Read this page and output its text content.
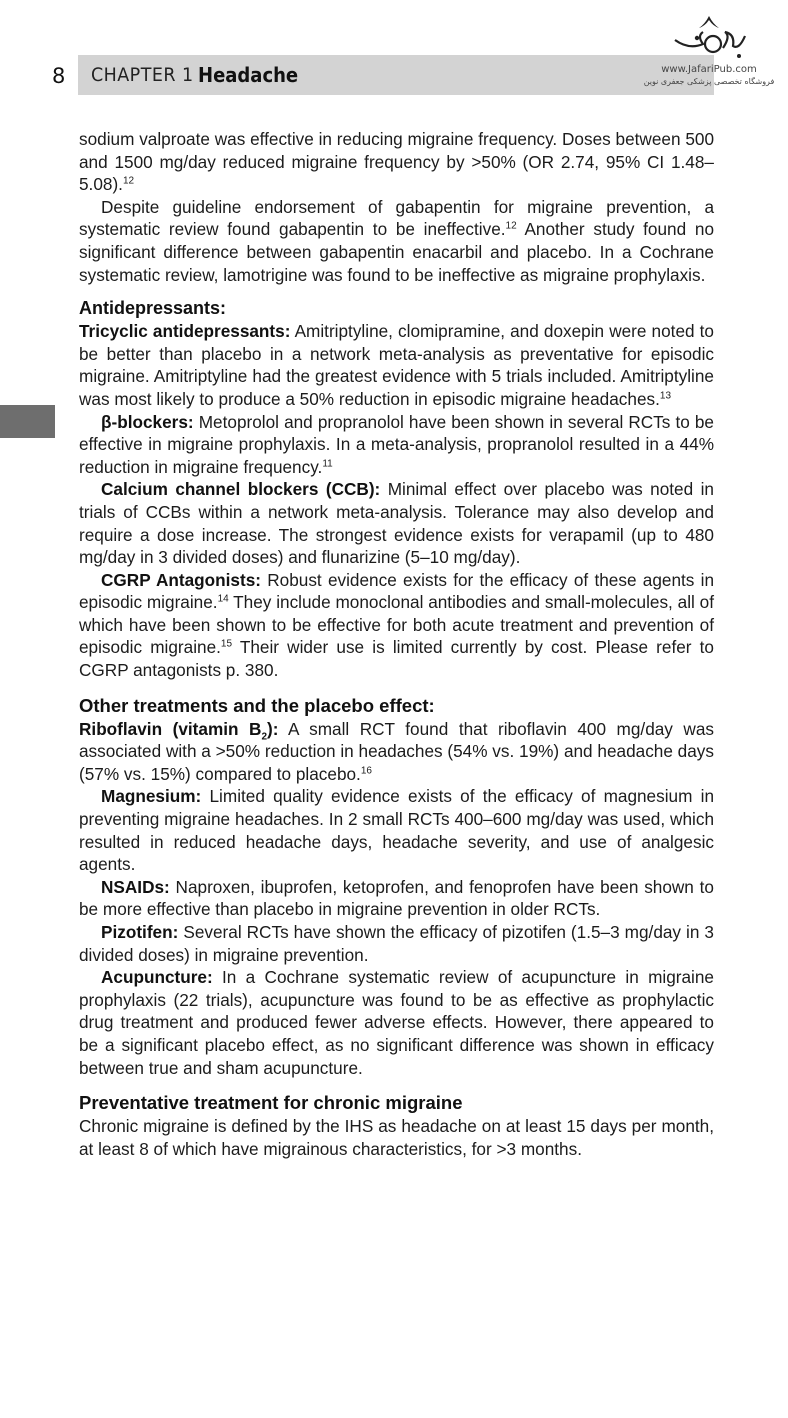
8 CHAPTER 1 Headache	www.JafariPub.com
فروشگاه تخصصی پزشکی جعفری نوین

sodium valproate was effective in reducing migraine frequency. Doses between 500 and 1500 mg/day reduced migraine frequency by >50% (OR 2.74, 95% CI 1.48–5.08).$^{12}$

Despite guideline endorsement of gabapentin for migraine prevention, a systematic review found gabapentin to be ineffective.$^{12}$ Another study found no significant difference between gabapentin enacarbil and placebo. In a Cochrane systematic review, lamotrigine was found to be ineffective as migraine prophylaxis.

Antidepressants:

Tricyclic antidepressants: Amitriptyline, clomipramine, and doxepin were noted to be better than placebo in a network meta-analysis as preventative for episodic migraine. Amitriptyline had the greatest evidence with 5 trials included. Amitriptyline was most likely to produce a 50% reduction in episodic migraine headaches.$^{13}$

β-blockers: Metoprolol and propranolol have been shown in several RCTs to be effective in migraine prophylaxis. In a meta-analysis, propranolol resulted in a 44% reduction in migraine frequency.$^{11}$

Calcium channel blockers (CCB): Minimal effect over placebo was noted in trials of CCBs within a network meta-analysis. Tolerance may also develop and require a dose increase. The strongest evidence exists for verapamil (up to 480 mg/day in 3 divided doses) and flunarizine (5–10 mg/day).

CGRP Antagonists: Robust evidence exists for the efficacy of these agents in episodic migraine.$^{14}$ They include monoclonal antibodies and small-molecules, all of which have been shown to be effective for both acute treatment and prevention of episodic migraine.$^{15}$ Their wider use is limited currently by cost. Please refer to CGRP antagonists p. 380.

Other treatments and the placebo effect:

Riboflavin (vitamin $B_2$): A small RCT found that riboflavin 400 mg/day was associated with a >50% reduction in headaches (54% vs. 19%) and headache days (57% vs. 15%) compared to placebo.$^{16}$

Magnesium: Limited quality evidence exists of the efficacy of magnesium in preventing migraine headaches. In 2 small RCTs 400–600 mg/day was used, which resulted in reduced headache days, headache severity, and use of analgesic agents.

NSAIDs: Naproxen, ibuprofen, ketoprofen, and fenoprofen have been shown to be more effective than placebo in migraine prevention in older RCTs.

Pizotifen: Several RCTs have shown the efficacy of pizotifen (1.5–3 mg/day in 3 divided doses) in migraine prevention.

Acupuncture: In a Cochrane systematic review of acupuncture in migraine prophylaxis (22 trials), acupuncture was found to be as effective as prophylactic drug treatment and produced fewer adverse effects. However, there appeared to be a significant placebo effect, as no significant difference was shown in efficacy between true and sham acupuncture.

Preventative treatment for chronic migraine

Chronic migraine is defined by the IHS as headache on at least 15 days per month, at least 8 of which have migrainous characteristics, for >3 months.
